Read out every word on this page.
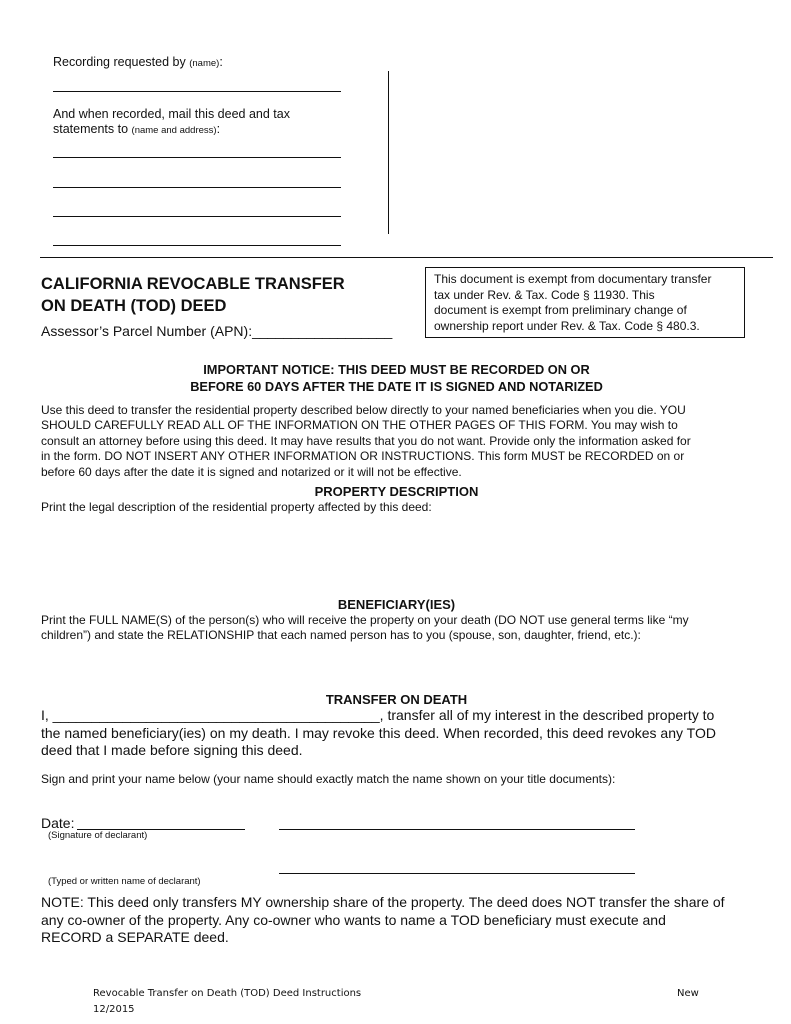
Recording requested by (name):
And when recorded, mail this deed and tax
statements to (name and address):
CALIFORNIA REVOCABLE TRANSFER
ON DEATH (TOD) DEED
Assessor’s Parcel Number (APN):__________________
This document is exempt from documentary transfer
tax under Rev. & Tax. Code § 11930. This
document is exempt from preliminary change of
ownership report under Rev. & Tax. Code § 480.3.
IMPORTANT NOTICE: THIS DEED MUST BE RECORDED ON OR
BEFORE 60 DAYS AFTER THE DATE IT IS SIGNED AND NOTARIZED
Use this deed to transfer the residential property described below directly to your named beneficiaries when you die. YOU
SHOULD CAREFULLY READ ALL OF THE INFORMATION ON THE OTHER PAGES OF THIS FORM. You may wish to
consult an attorney before using this deed. It may have results that you do not want. Provide only the information asked for
in the form. DO NOT INSERT ANY OTHER INFORMATION OR INSTRUCTIONS. This form MUST be RECORDED on or
before 60 days after the date it is signed and notarized or it will not be effective.
PROPERTY DESCRIPTION
Print the legal description of the residential property affected by this deed:
BENEFICIARY(IES)
Print the FULL NAME(S) of the person(s) who will receive the property on your death (DO NOT use general terms like “my
children”) and state the RELATIONSHIP that each named person has to you (spouse, son, daughter, friend, etc.):
TRANSFER ON DEATH
I, __________________________________________, transfer all of my interest in the described property to
the named beneficiary(ies) on my death. I may revoke this deed. When recorded, this deed revokes any TOD
deed that I made before signing this deed.
Sign and print your name below (your name should exactly match the name shown on your title documents):
Date:
(Signature of declarant)
(Typed or written name of declarant)
NOTE: This deed only transfers MY ownership share of the property. The deed does NOT transfer the share of
any co-owner of the property. Any co-owner who wants to name a TOD beneficiary must execute and
RECORD a SEPARATE deed.
Revocable Transfer on Death (TOD) Deed Instructions
12/2015
New
